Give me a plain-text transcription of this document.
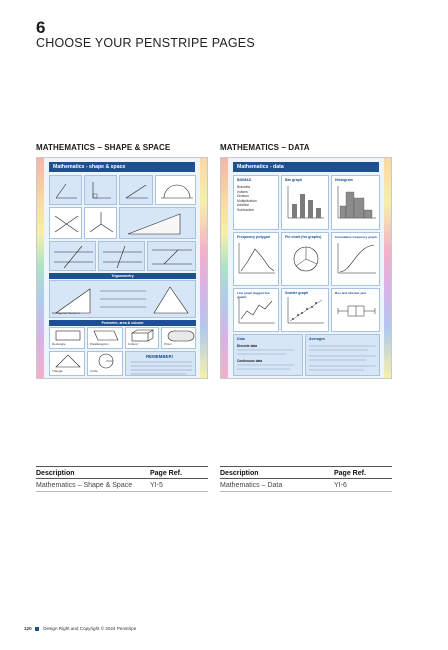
6
CHOOSE YOUR PENSTRIPE PAGES
MATHEMATICS – SHAPE & SPACE
Mathematics - shape & space
Trigonometry
Pythagoras' theorem
Perimeter, area & volume
Rectangle	Parallelogram	Cuboid	Prism
Triangle	Circle
REMEMBER!
MATHEMATICS – DATA
Mathematics - data
BIDMAS
Brackets
Indices
Division
Multiplication
Addition
Subtraction
Bar graph	Histogram
Frequency polygon	Pie chart (for graphs)	Cumulative frequency graph
Line graph (lagged line graph)
Scatter graph	Box and whisker plot
Data
Discrete data
Continuous data
Averages
Description	Page Ref.
Mathematics – Shape & Space	YI-5
Description	Page Ref.
Mathematics – Data	YI-6
120	Design Right and Copyright © 2024 Penstripe
